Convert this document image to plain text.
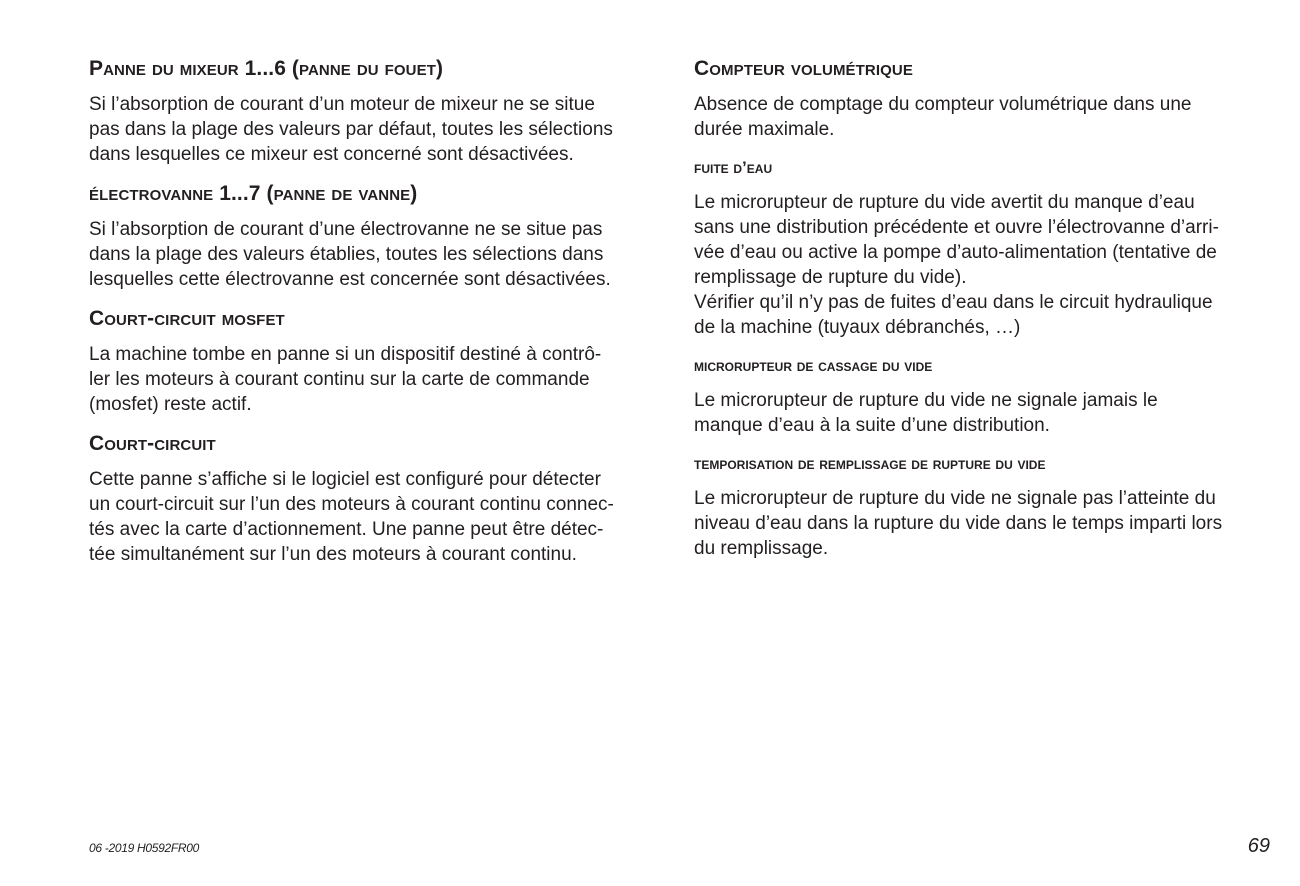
Panne du mixeur 1...6 (panne du fouet)

Si l’absorption de courant d’un moteur de mixeur ne se situe
pas dans la plage des valeurs par défaut, toutes les sélections
dans lesquelles ce mixeur est concerné sont désactivées.

électrovanne 1...7 (panne de vanne)

Si l’absorption de courant d’une électrovanne ne se situe pas
dans la plage des valeurs établies, toutes les sélections dans
lesquelles cette électrovanne est concernée sont désactivées.

Court-circuit mosfet

La machine tombe en panne si un dispositif destiné à contrô-
ler les moteurs à courant continu sur la carte de commande
(mosfet) reste actif.

Court-circuit

Cette panne s’affiche si le logiciel est configuré pour détecter
un court-circuit sur l’un des moteurs à courant continu connec-
tés avec la carte d’actionnement. Une panne peut être détec-
tée simultanément sur l’un des moteurs à courant continu.

Compteur volumétrique

Absence de comptage du compteur volumétrique dans une
durée maximale.

fuite d’eau

Le microrupteur de rupture du vide avertit du manque d’eau
sans une distribution précédente et ouvre l’électrovanne d’arri-
vée d’eau ou active la pompe d’auto-alimentation (tentative de
remplissage de rupture du vide).
Vérifier qu’il n’y pas de fuites d’eau dans le circuit hydraulique
de la machine (tuyaux débranchés, …)

microrupteur de cassage du vide

Le microrupteur de rupture du vide ne signale jamais le
manque d’eau à la suite d’une distribution.

temporisation de remplissage de rupture du vide

Le microrupteur de rupture du vide ne signale pas l’atteinte du
niveau d’eau dans la rupture du vide dans le temps imparti lors
du remplissage.

06 -2019 H0592FR00	69
